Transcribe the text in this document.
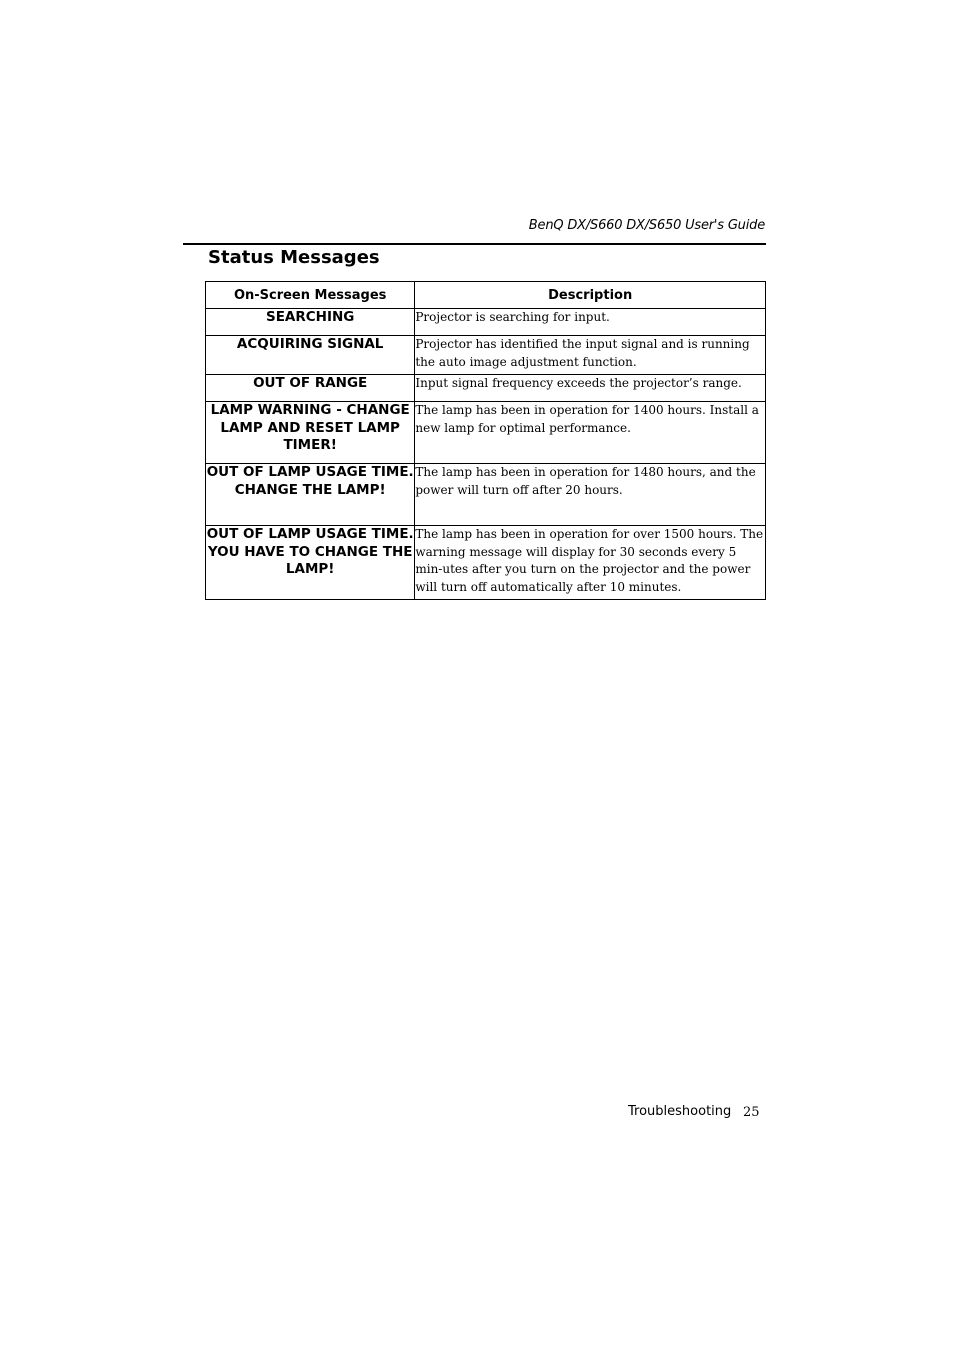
BenQ DX/S660 DX/S650 User's Guide
Status Messages
On-Screen Messages	Description
SEARCHING	Projector is searching for input.
ACQUIRING SIGNAL	Projector has identified the input signal and is running the auto image adjustment function.
OUT OF RANGE	Input signal frequency exceeds the projector’s range.
LAMP WARNING - CHANGE LAMP AND RESET LAMP TIMER!	The lamp has been in operation for 1400 hours. Install a new lamp for optimal performance.
OUT OF LAMP USAGE TIME. CHANGE THE LAMP!	The lamp has been in operation for 1480 hours, and the power will turn off after 20 hours.
OUT OF LAMP USAGE TIME. YOU HAVE TO CHANGE THE LAMP!	The lamp has been in operation for over 1500 hours. The warning message will display for 30 seconds every 5 min-utes after you turn on the projector and the power will turn off automatically after 10 minutes.
Troubleshooting 25
